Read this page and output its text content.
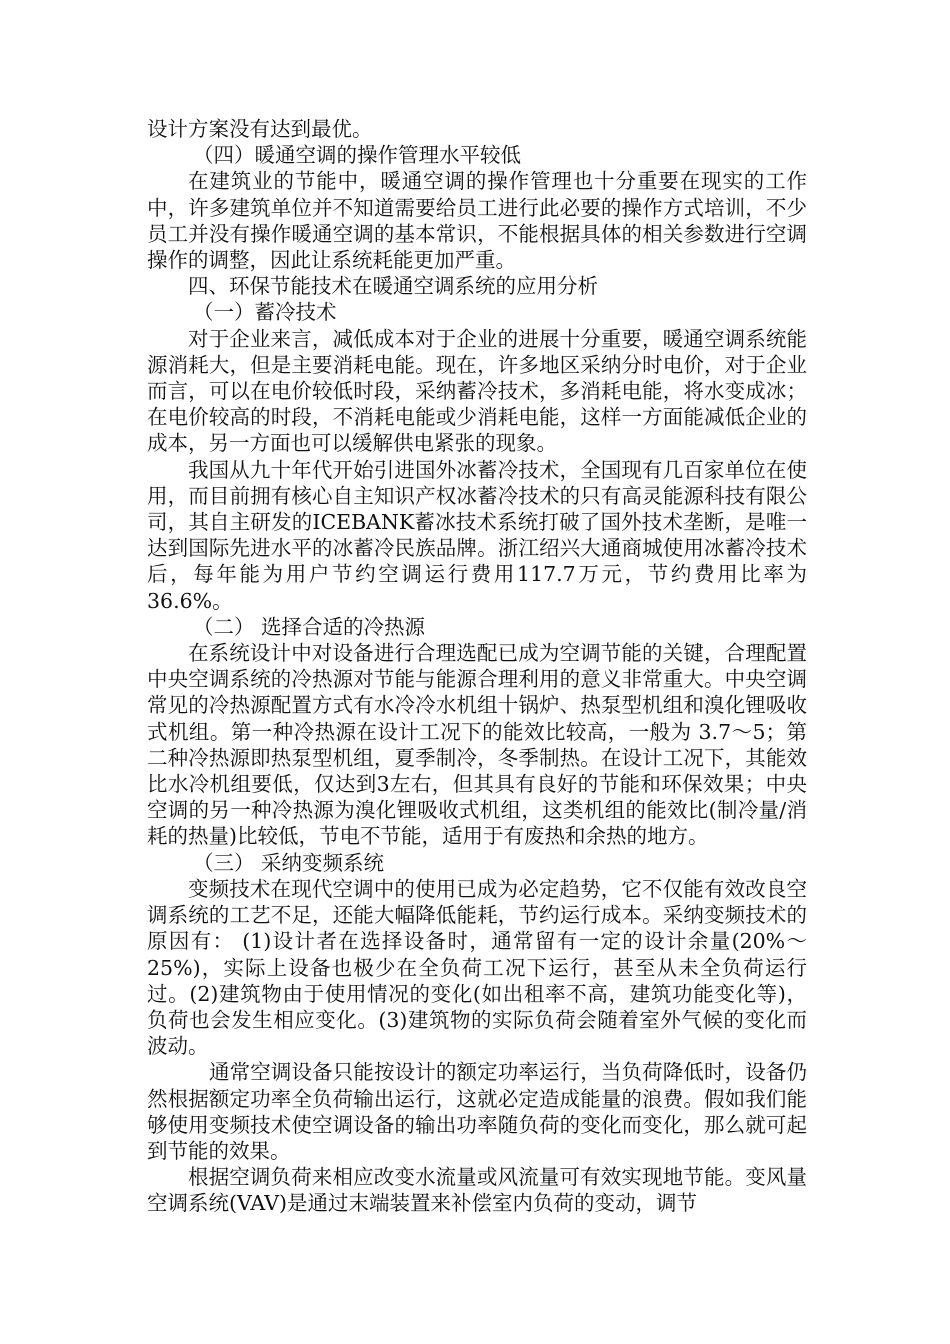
设计方案没有达到最优。

（四）暖通空调的操作管理水平较低

在建筑业的节能中，暖通空调的操作管理也十分重要在现实的工作中，许多建筑单位并不知道需要给员工进行此必要的操作方式培训，不少员工并没有操作暖通空调的基本常识，不能根据具体的相关参数进行空调操作的调整，因此让系统耗能更加严重。

四、环保节能技术在暖通空调系统的应用分析

（一）蓄冷技术

对于企业来言，减低成本对于企业的进展十分重要，暖通空调系统能源消耗大，但是主要消耗电能。现在，许多地区采纳分时电价，对于企业而言，可以在电价较低时段，采纳蓄冷技术，多消耗电能，将水变成冰；在电价较高的时段，不消耗电能或少消耗电能，这样一方面能减低企业的成本，另一方面也可以缓解供电紧张的现象。

我国从九十年代开始引进国外冰蓄冷技术，全国现有几百家单位在使用，而目前拥有核心自主知识产权冰蓄冷技术的只有高灵能源科技有限公司，其自主研发的ICEBANK蓄冰技术系统打破了国外技术垄断，是唯一达到国际先进水平的冰蓄冷民族品牌。浙江绍兴大通商城使用冰蓄冷技术后，每年能为用户节约空调运行费用117.7万元，节约费用比率为36.6%。

（二） 选择合适的冷热源

在系统设计中对设备进行合理选配已成为空调节能的关键，合理配置中央空调系统的冷热源对节能与能源合理利用的意义非常重大。中央空调常见的冷热源配置方式有水冷冷水机组十锅炉、热泵型机组和溴化锂吸收式机组。第一种冷热源在设计工况下的能效比较高，一般为 3.7～5；第二种冷热源即热泵型机组，夏季制冷，冬季制热。在设计工况下，其能效比水冷机组要低，仅达到3左右，但其具有良好的节能和环保效果；中央空调的另一种冷热源为溴化锂吸收式机组，这类机组的能效比(制冷量/消耗的热量)比较低，节电不节能，适用于有废热和余热的地方。

（三） 采纳变频系统

变频技术在现代空调中的使用已成为必定趋势，它不仅能有效改良空调系统的工艺不足，还能大幅降低能耗，节约运行成本。采纳变频技术的原因有： (1)设计者在选择设备时，通常留有一定的设计余量(20%～25%)，实际上设备也极少在全负荷工况下运行，甚至从未全负荷运行过。(2)建筑物由于使用情况的变化(如出租率不高，建筑功能变化等)，负荷也会发生相应变化。(3)建筑物的实际负荷会随着室外气候的变化而波动。

通常空调设备只能按设计的额定功率运行，当负荷降低时，设备仍然根据额定功率全负荷输出运行，这就必定造成能量的浪费。假如我们能够使用变频技术使空调设备的输出功率随负荷的变化而变化，那么就可起到节能的效果。

根据空调负荷来相应改变水流量或风流量可有效实现地节能。变风量空调系统(VAV)是通过末端装置来补偿室内负荷的变动，调节
